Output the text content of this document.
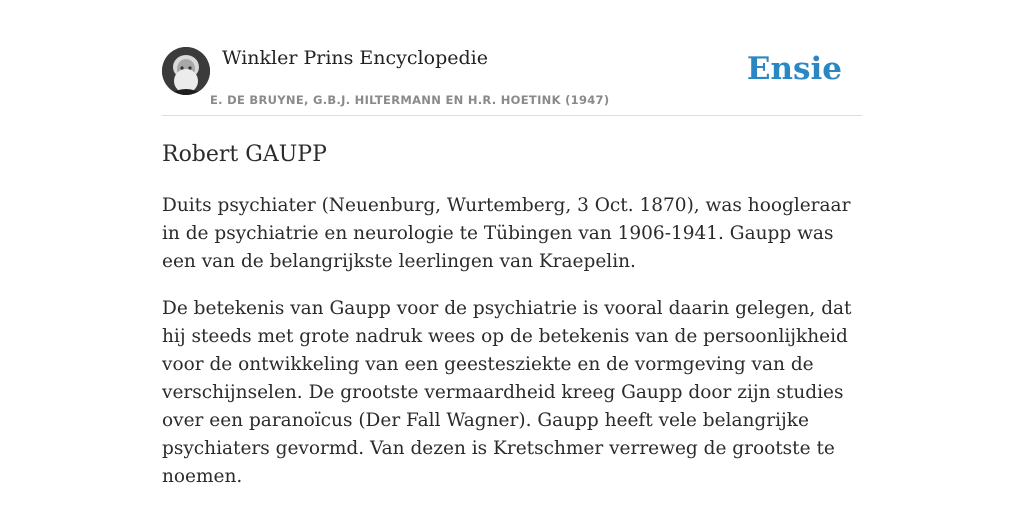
Winkler Prins Encyclopedie
E. DE BRUYNE, G.B.J. HILTERMANN EN H.R. HOETINK (1947)
Ensie
Robert GAUPP

Duits psychiater (Neuenburg, Wurtemberg, 3 Oct. 1870), was hoogleraar in de psychiatrie en neurologie te Tübingen van 1906-1941. Gaupp was een van de belangrijkste leerlingen van Kraepelin.

De betekenis van Gaupp voor de psychiatrie is vooral daarin gelegen, dat hij steeds met grote nadruk wees op de betekenis van de persoonlijkheid voor de ontwikkeling van een geestesziekte en de vormgeving van de verschijnselen. De grootste vermaardheid kreeg Gaupp door zijn studies over een paranoïcus (Der Fall Wagner). Gaupp heeft vele belangrijke psychiaters gevormd. Van dezen is Kretschmer verreweg de grootste te noemen.
